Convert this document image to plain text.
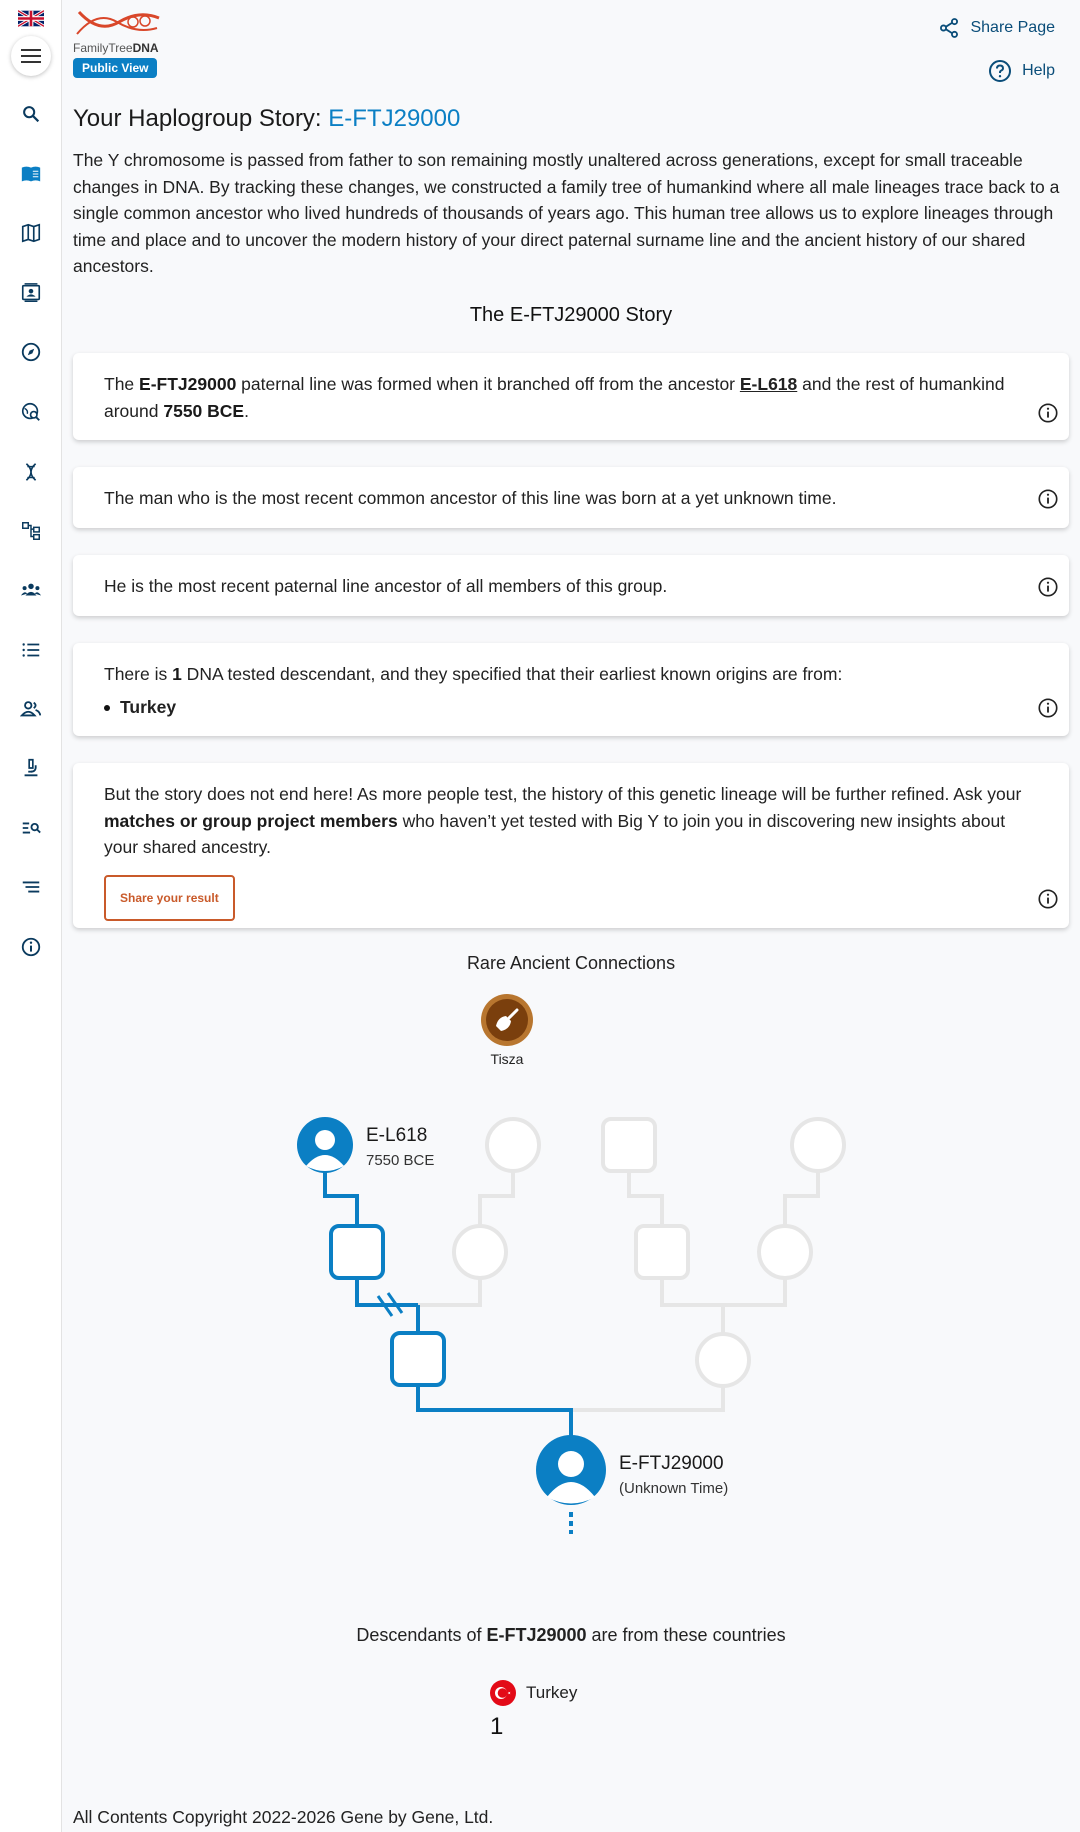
FamilyTreeDNA
Public View
Share Page
Help
Your Haplogroup Story: E-FTJ29000

The Y chromosome is passed from father to son remaining mostly unaltered across generations, except for small traceable changes in DNA. By tracking these changes, we constructed a family tree of humankind where all male lineages trace back to a single common ancestor who lived hundreds of thousands of years ago. This human tree allows us to explore lineages through time and place and to uncover the modern history of your direct paternal surname line and the ancient history of our shared ancestors.

The E-FTJ29000 Story
The E-FTJ29000 paternal line was formed when it branched off from the ancestor E-L618 and the rest of humankind around 7550 BCE.
The man who is the most recent common ancestor of this line was born at a yet unknown time.
He is the most recent paternal line ancestor of all members of this group.
There is 1 DNA tested descendant, and they specified that their earliest known origins are from:
Turkey
But the story does not end here! As more people test, the history of this genetic lineage will be further refined. Ask your matches or group project members who haven’t yet tested with Big Y to join you in discovering new insights about your shared ancestry.
Share your result
Rare Ancient Connections
Tisza
E-L618
7550 BCE
E-FTJ29000
(Unknown Time)
Descendants of E-FTJ29000 are from these countries
Turkey
1
All Contents Copyright 2022-2026 Gene by Gene, Ltd.
